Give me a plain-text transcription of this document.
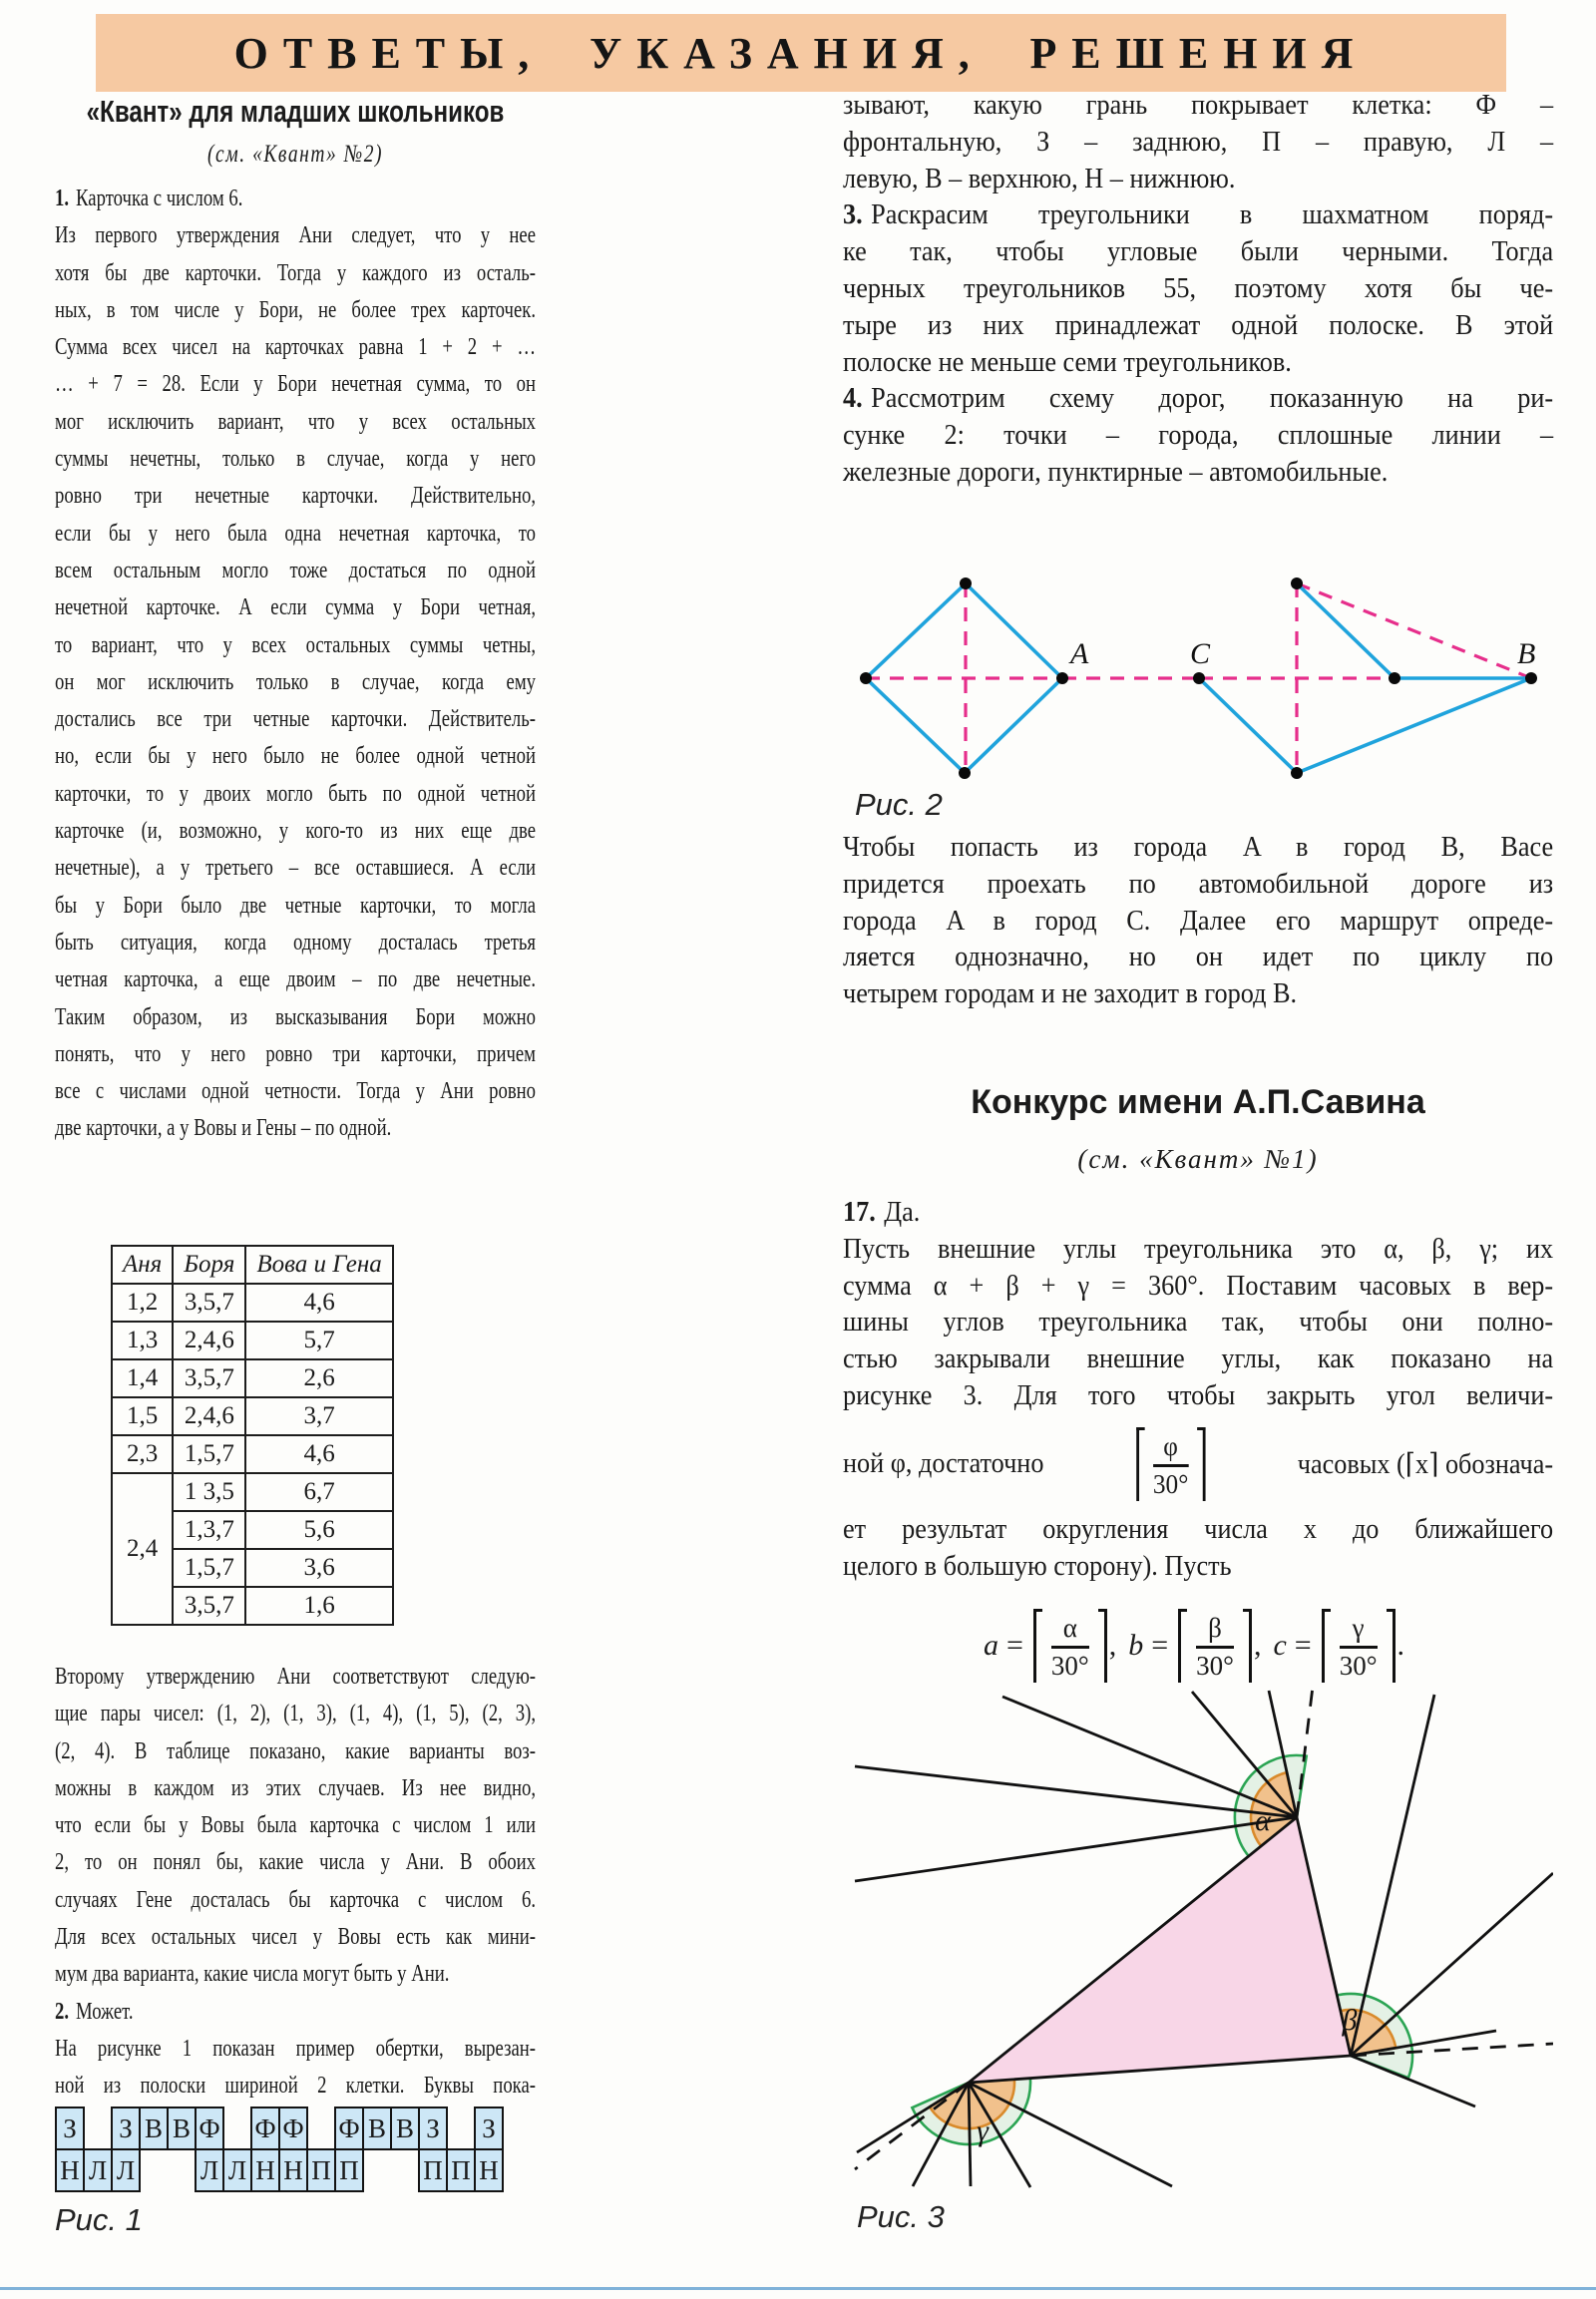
ОТВЕТЫ, УКАЗАНИЯ, РЕШЕНИЯ
«Квант» для младших школьников
(см. «Квант» №2)
1. Карточка с числом 6.
Из первого утверждения Ани следует, что у нее
хотя бы две карточки. Тогда у каждого из осталь-
ных, в том числе у Бори, не более трех карточек.
Сумма всех чисел на карточках равна 1 + 2 + …
… + 7 = 28. Если у Бори нечетная сумма, то он
мог исключить вариант, что у всех остальных
суммы нечетны, только в случае, когда у него
ровно три нечетные карточки. Действительно,
если бы у него была одна нечетная карточка, то
всем остальным могло тоже достаться по одной
нечетной карточке. А если сумма у Бори четная,
то вариант, что у всех остальных суммы четны,
он мог исключить только в случае, когда ему
достались все три четные карточки. Действитель-
но, если бы у него было не более одной четной
карточки, то у двоих могло быть по одной четной
карточке (и, возможно, у кого-то из них еще две
нечетные), а у третьего – все оставшиеся. А если
бы у Бори было две четные карточки, то могла
быть ситуация, когда одному досталась третья
четная карточка, а еще двоим – по две нечетные.
Таким образом, из высказывания Бори можно
понять, что у него ровно три карточки, причем
все с числами одной четности. Тогда у Ани ровно
две карточки, а у Вовы и Гены – по одной.
Аня	Боря	Вова и Гена
1,2	3,5,7	4,6
1,3	2,4,6	5,7
1,4	3,5,7	2,6
1,5	2,4,6	3,7
2,3	1,5,7	4,6
2,4	1 3,5	6,7
	1,3,7	5,6
	1,5,7	3,6
	3,5,7	1,6
Второму утверждению Ани соответствуют следую-
щие пары чисел: (1, 2), (1, 3), (1, 4), (1, 5), (2, 3),
(2, 4). В таблице показано, какие варианты воз-
можны в каждом из этих случаев. Из нее видно,
что если бы у Вовы была карточка с числом 1 или
2, то он понял бы, какие числа у Ани. В обоих
случаях Гене досталась бы карточка с числом 6.
Для всех остальных чисел у Вовы есть как мини-
мум два варианта, какие числа могут быть у Ани.
2. Может.
На рисунке 1 показан пример обертки, вырезан-
ной из полоски шириной 2 клетки. Буквы пока-
З З В В Ф Ф Ф Ф В В З З
Н Л Л Л Л Н Н П П П П Н
Рис. 1
зывают, какую грань покрывает клетка: Ф –
фронтальную, З – заднюю, П – правую, Л –
левую, В – верхнюю, Н – нижнюю.
3. Раскрасим треугольники в шахматном поряд-
ке так, чтобы угловые были черными. Тогда
черных треугольников 55, поэтому хотя бы че-
тыре из них принадлежат одной полоске. В этой
полоске не меньше семи треугольников.
4. Рассмотрим схему дорог, показанную на ри-
сунке 2: точки – города, сплошные линии –
железные дороги, пунктирные – автомобильные.
A	C	B
Рис. 2
Чтобы попасть из города A в город B, Васе
придется проехать по автомобильной дороге из
города A в город C. Далее его маршрут опреде-
ляется однозначно, но он идет по циклу по
четырем городам и не заходит в город B.
Конкурс имени А.П.Савина
(см. «Квант» №1)
17. Да.
Пусть внешние углы треугольника это α, β, γ; их
сумма α + β + γ = 360°. Поставим часовых в вер-
шины углов треугольника так, чтобы они полно-
стью закрывали внешние углы, как показано на
рисунке 3. Для того чтобы закрыть угол величи-
ной φ, достаточно	$\frac{\varphi}{30^\circ}$	часовых (⌈x⌉ обознача-
ет результат округления числа x до ближайшего
целого в большую сторону). Пусть
$a = \frac{\alpha}{30^\circ}$ , $b = \frac{\beta}{30^\circ}$ , $c = \frac{\gamma}{30^\circ}$ .
α
β
γ
Рис. 3
